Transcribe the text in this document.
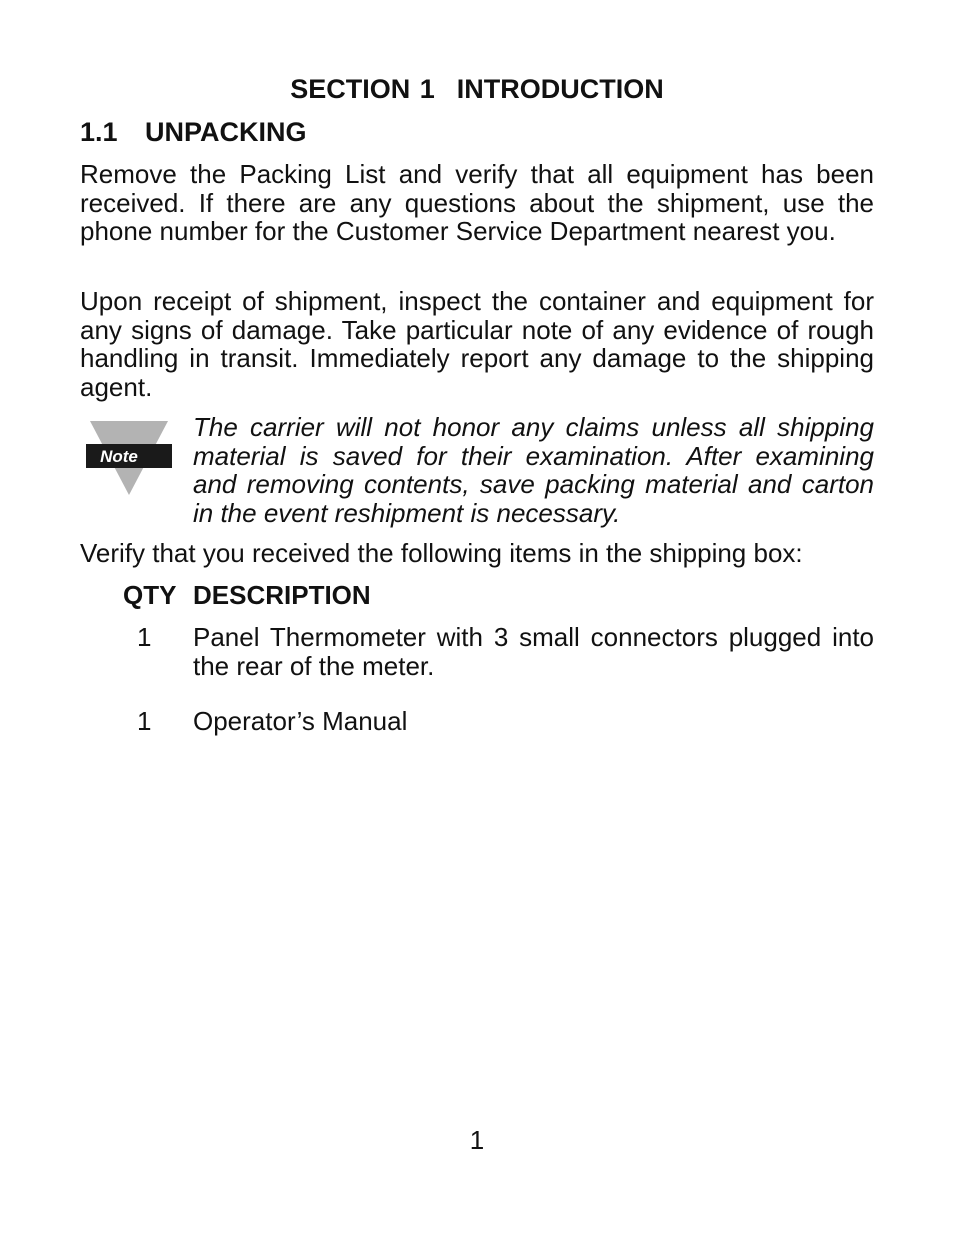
SECTION 1 INTRODUCTION
1.1 UNPACKING

Remove the Packing List and verify that all equipment has been received. If there are any questions about the shipment, use the phone number for the Customer Service Department nearest you.

Upon receipt of shipment, inspect the container and equipment for any signs of damage. Take particular note of any evidence of rough handling in transit. Immediately report any damage to the shipping agent.

Note

The carrier will not honor any claims unless all shipping material is saved for their examination. After examining and removing contents, save packing material and carton in the event reshipment is necessary.

Verify that you received the following items in the shipping box:

QTY DESCRIPTION
1 Panel Thermometer with 3 small connectors plugged into the rear of the meter.
1 Operator’s Manual
1
